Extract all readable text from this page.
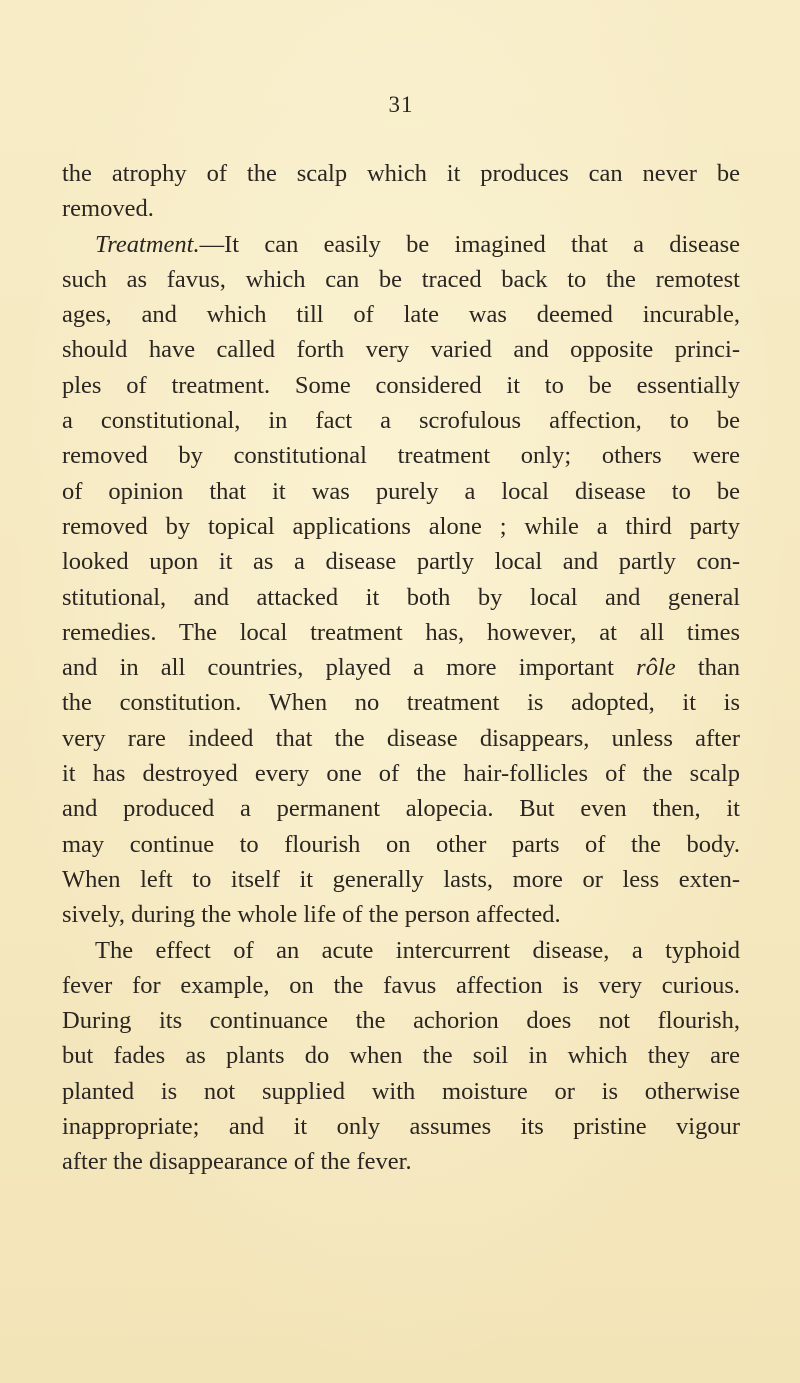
31
the atrophy of the scalp which it produces can never be
removed.
Treatment.—It can easily be imagined that a disease
such as favus, which can be traced back to the remotest
ages, and which till of late was deemed incurable,
should have called forth very varied and opposite princi-
ples of treatment. Some considered it to be essentially
a constitutional, in fact a scrofulous affection, to be
removed by constitutional treatment only; others were
of opinion that it was purely a local disease to be
removed by topical applications alone ; while a third party
looked upon it as a disease partly local and partly con-
stitutional, and attacked it both by local and general
remedies. The local treatment has, however, at all times
and in all countries, played a more important rôle than
the constitution. When no treatment is adopted, it is
very rare indeed that the disease disappears, unless after
it has destroyed every one of the hair-follicles of the scalp
and produced a permanent alopecia. But even then, it
may continue to flourish on other parts of the body.
When left to itself it generally lasts, more or less exten-
sively, during the whole life of the person affected.
The effect of an acute intercurrent disease, a typhoid
fever for example, on the favus affection is very curious.
During its continuance the achorion does not flourish,
but fades as plants do when the soil in which they are
planted is not supplied with moisture or is otherwise
inappropriate; and it only assumes its pristine vigour
after the disappearance of the fever.
